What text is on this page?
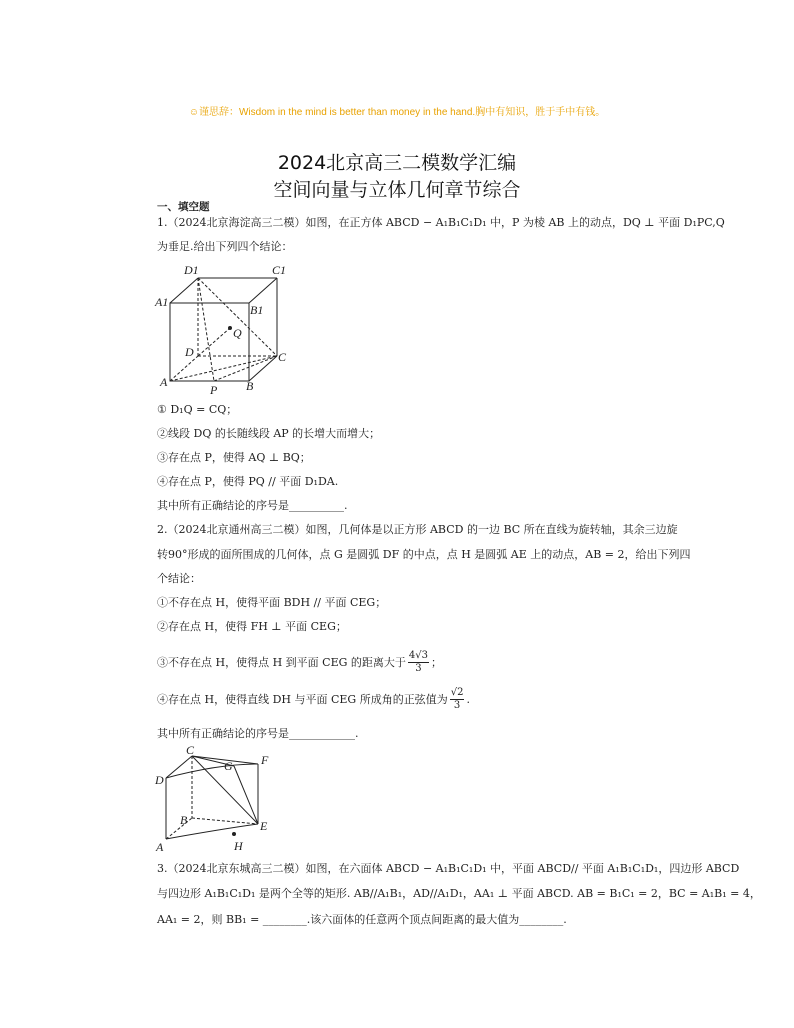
☺谨思辞：Wisdom in the mind is better than money in the hand.胸中有知识，胜于手中有钱。
2024北京高三二模数学汇编
空间向量与立体几何章节综合
一、填空题
1.（2024北京海淀高三二模）如图，在正方体 ABCD − A₁B₁C₁D₁ 中，P 为棱 AB 上的动点，DQ ⊥ 平面 D₁PC,Q
为垂足.给出下列四个结论：
D1	C1
A1
B1
Q
D	C
A
P B
① D₁Q = CQ；
②线段 DQ 的长随线段 AP 的长增大而增大；
③存在点 P，使得 AQ ⊥ BQ；
④存在点 P，使得 PQ // 平面 D₁DA.
其中所有正确结论的序号是__________.
2.（2024北京通州高三二模）如图，几何体是以正方形 ABCD 的一边 BC 所在直线为旋转轴，其余三边旋
转90°形成的面所围成的几何体，点 G 是圆弧 DF 的中点，点 H 是圆弧 AE 上的动点，AB = 2，给出下列四
个结论：
①不存在点 H，使得平面 BDH // 平面 CEG；
②存在点 H，使得 FH ⊥ 平面 CEG；
③不存在点 H，使得点 H 到平面 CEG 的距离大于 $\frac{4√3}{3}$ ；
④存在点 H，使得直线 DH 与平面 CEG 所成角的正弦值为 $\frac{√2}{3}$ .
其中所有正确结论的序号是____________.
C
F
G
D
B	E
A	H
3.（2024北京东城高三二模）如图，在六面体 ABCD − A₁B₁C₁D₁ 中，平面 ABCD// 平面 A₁B₁C₁D₁，四边形 ABCD
与四边形 A₁B₁C₁D₁ 是两个全等的矩形. AB//A₁B₁，AD//A₁D₁，AA₁ ⊥ 平面 ABCD. AB = B₁C₁ = 2，BC = A₁B₁ = 4，
AA₁ = 2，则 BB₁ = ________.该六面体的任意两个顶点间距离的最大值为________.
